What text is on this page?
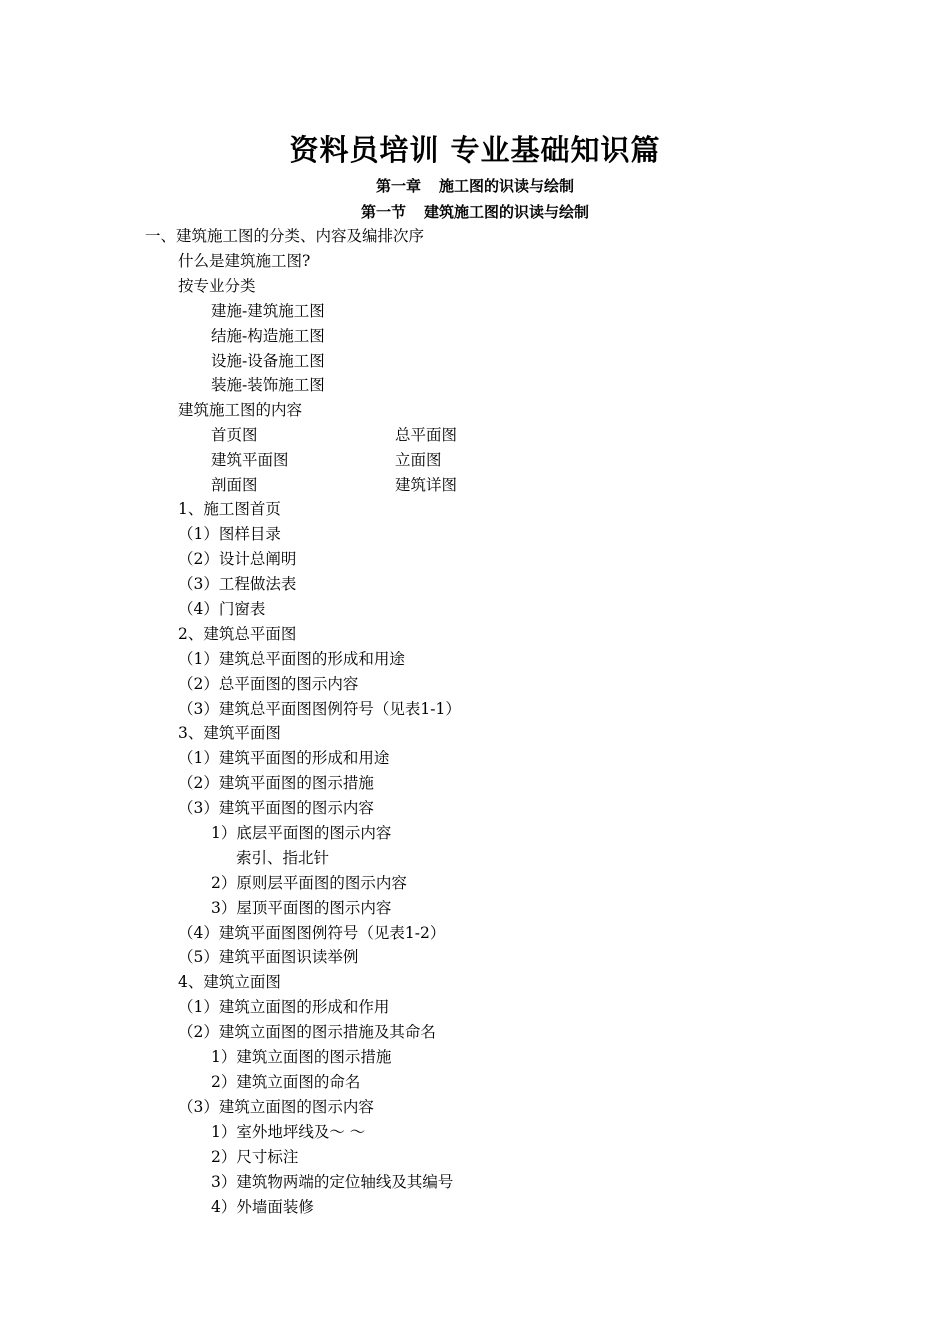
资料员培训 专业基础知识篇
第一章 施工图的识读与绘制
第一节 建筑施工图的识读与绘制
一、建筑施工图的分类、内容及编排次序
什么是建筑施工图?
按专业分类
建施-建筑施工图
结施-构造施工图
设施-设备施工图
装施-装饰施工图
建筑施工图的内容
首页图	总平面图
建筑平面图	立面图
剖面图	建筑详图
1、施工图首页
（1）图样目录
（2）设计总阐明
（3）工程做法表
（4）门窗表
2、建筑总平面图
（1）建筑总平面图的形成和用途
（2）总平面图的图示内容
（3）建筑总平面图图例符号（见表1-1）
3、建筑平面图
（1）建筑平面图的形成和用途
（2）建筑平面图的图示措施
（3）建筑平面图的图示内容
1）底层平面图的图示内容
索引、指北针
2）原则层平面图的图示内容
3）屋顶平面图的图示内容
（4）建筑平面图图例符号（见表1-2）
（5）建筑平面图识读举例
4、建筑立面图
（1）建筑立面图的形成和作用
（2）建筑立面图的图示措施及其命名
1）建筑立面图的图示措施
2）建筑立面图的命名
（3）建筑立面图的图示内容
1）室外地坪线及～ ～
2）尺寸标注
3）建筑物两端的定位轴线及其编号
4）外墙面装修
